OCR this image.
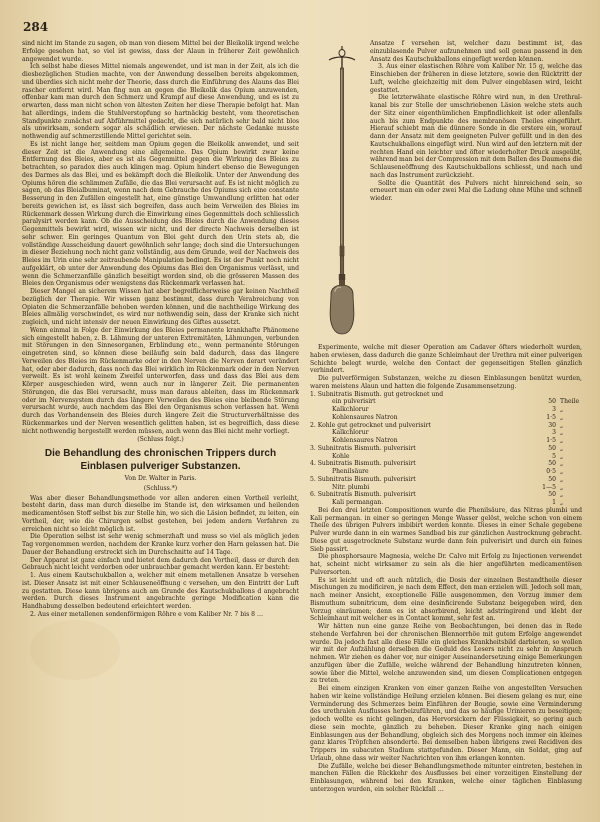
284

sind nicht im Stande zu sagen, ob man von diesem Mittel bei der Bleikolik irgend welche Erfolge gesehen hat, so viel ist gewiss, dass der Alaun in früherer Zeit gewöhnlich angewendet wurde.

Ich selbst habe dieses Mittel niemals angewendet, und ist man in der Zeit, als ich die diesbezüglichen Studien machte, von der Anwendung desselben bereits abgekommen, und überdies sich nicht mehr der Theorie, dass durch die Einführung des Alauns das Blei rascher entfernt wird. Man fing nun an gegen die Bleikolik das Opium anzuwenden, offenbar kam man durch den Schmerz und Krampf auf diese Anwendung, und es ist zu erwarten, dass man nicht schon von ältesten Zeiten her diese Therapie befolgt hat. Man hat allerdings, indem die Stuhlverstopfung so hartnäckig besteht, vom theoretischen Standpunkte zunächst auf Abführmittel gedacht, die sich natürlich sehr bald nicht blos als unwirksam, sondern sogar als schädlich erwiesen. Der nächste Gedanke musste nothwendig auf schmerzstillende Mittel gerichtet sein.

Es ist nicht lange her, seitdem man Opium gegen die Bleikolik anwendet, und seit dieser Zeit ist die Anwendung eine allgemeine. Das Opium bewirkt zwar keine Entfernung des Bleies, aber es ist als Gegenmittel gegen die Wirkung des Bleies zu betrachten, so paradox dies auch klingen mag. Opium hindert ebenso die Bewegungen des Darmes als das Blei, und es bekämpft doch die Bleikolik. Unter der Anwendung des Opiums hören die schlimmen Zufälle, die das Blei verursacht auf. Es ist nicht möglich zu sagen, ob das Bleialbuminat, wenn nach dem Gebrauche des Opiums sich eine constante Besserung in den Zufällen eingestellt hat, eine günstige Umwandlung erlitten hat oder bereits gewichen ist, es lässt sich begreifen, dass auch beim Verweilen des Bleies im Rückenmark dessen Wirkung durch die Einwirkung eines Gegenmittels doch schliesslich paralysirt werden kann. Ob die Ausscheidung des Bleies durch die Anwendung dieses Gegenmittels bewirkt wird, wissen wir nicht, und der directe Nachweis derselben ist sehr schwer. Ein geringes Quantum von Blei geht durch den Urin stets ab, die vollständige Ausscheidung dauert gewöhnlich sehr lange; doch sind die Untersuchungen in dieser Beziehung noch nicht ganz vollständig, aus dem Grunde, weil der Nachweis des Bleies im Urin eine sehr zeitraubende Manipulation bedingt. Es ist der Punkt noch nicht aufgeklärt, ob unter der Anwendung des Opiums das Blei den Organismus verlässt, und wenn die Schmerzanfälle gänzlich beseitigt worden sind, ob die grösseren Massen des Bleies den Organismus oder wenigstens das Rückenmark verlassen hat.

Dieser Mangel an sicherem Wissen hat aber begreiflicherweise gar keinen Nachtheil bezüglich der Therapie. Wir wissen ganz bestimmt, dass durch Verabreichung von Opiaten die Schmerzanfälle behoben werden können, und die nachtheilige Wirkung des Bleies allmälig verschwindet, es wird nur nothwendig sein, dass der Kranke sich nicht zugleich, und nicht intensiv der neuen Einwirkung des Giftes aussetzt.

Wenn einmal in Folge der Einwirkung des Bleies permanente krankhafte Phänomene sich eingestellt haben, z. B. Lähmung der unteren Extremitäten, Lähmungen, verbunden mit Störungen in den Sinnesorganen, Erblindung etc., wenn permanente Störungen eingetreten sind, so können diese beiläufig sein bald dadurch, dass das längere Verweilen des Bleies im Rückenmarke oder in den Nerven die Nerven derart verändert hat, oder aber dadurch, dass noch das Blei wirklich im Rückenmark oder in den Nerven verweilt. Es ist wohl keinem Zweifel unterworfen, dass und dass das Blei aus dem Körper ausgeschieden wird, wenn auch nur in längerer Zeit. Die permanenten Störungen, die das Blei verursacht, muss man daraus ableiten, dass im Rückenmark oder im Nervensystem durch das längere Verweilen des Bleies eine bleibende Störung verursacht wurde, auch nachdem das Blei den Organismus schon verlassen hat. Wenn durch das Vorhandensein des Bleies durch längere Zeit die Structurverhältnisse des Rückenmarkes und der Nerven wesentlich gelitten haben, ist es begreiflich, dass diese nicht nothwendig hergestellt werden müssen, auch wenn das Blei nicht mehr vorliegt.

(Schluss folgt.)
Die Behandlung des chronischen Trippers durch Einblasen pulveriger Substanzen.
Von Dr. Walter in Paris.
(Schluss.*)

Was aber dieser Behandlungsmethode vor allen anderen einen Vortheil verleiht, besteht darin, dass man durch dieselbe im Stande ist, den wirksamen und heilenden medicamentösen Stoff selbst bis zur Stelle hin, wo sich die Läsion befindet, zu leiten, ein Vortheil, der, wie die Chirurgen selbst gestehen, bei jedem andern Verfahren zu erreichen nicht so leicht möglich ist.

Die Operation selbst ist sehr wenig schmerzhaft und muss so viel als möglich jeden Tag vorgenommen werden, nachdem der Kranke kurz vorher den Harn gelassen hat. Die Dauer der Behandlung erstreckt sich im Durchschnitte auf 14 Tage.

Der Apparat ist ganz einfach und bietet dem dadurch den Vortheil, dass er durch den Gebrauch nicht leicht verdorben oder unbrauchbar gemacht werden kann. Er besteht:

1. Aus einem Kautschukballon a, welcher mit einem metallenen Ansatze b versehen ist. Dieser Ansatz ist mit einer Schlauseneöffnung c versehen, um den Eintritt der Luft zu gestatten. Diese kann übrigens auch am Grunde des Kautschukballons d angebracht werden. Durch dieses Instrument angebrachte geringe Modification kann die Handhabung desselben bedeutend erleichtert werden.

2. Aus einer metallenen sondenförmigen Röhre e vom Kaliber Nr. 7 bis 8 …

Ansatze f versehen ist, welcher dazu bestimmt ist, das einzublasende Pulver aufzunehmen und soll genau passend in den Ansatz des Kautschukballons eingefügt werden können.

3. Aus einer elastischen Röhre vom Kaliber Nr. 15 g, welche das Einschieben der früheren in diese letztere, sowie den Rücktritt der Luft, welche gleichzeitig mit dem Pulver eingeblasen wird, leicht gestattet.

Die letzterwähnte elastische Röhre wird nun, in den Urethral-kanal bis zur Stelle der umschriebenen Läsion welche stets auch der Sitz einer eigenthümlichen Empfindlichkeit ist oder allenfalls auch bis zum Endpunkte des membranösen Theiles eingeführt. Hierauf schiebt man die dünnere Sonde in die erstere ein, worauf dann der Ansatz mit dem geeigneten Pulver gefüllt und in den des Kautschukballons eingefügt wird. Nun wird auf den letztern mit der rechten Hand ein leichter und öfter wiederholter Druck ausgeübt, während man bei der Compression mit dem Ballen des Daumens die Schlauseneöffnung des Kautschukballons schliesst, und nach und nach das Instrument zurückzieht.

Sollte die Quantität des Pulvers nicht hinreichend sein, so erneuert man ein oder zwei Mal die Ladung ohne Mühe und schnell wieder.

Experimente, welche mit dieser Operation am Cadaver öfters wiederholt wurden, haben erwiesen, dass dadurch die ganze Schleimhaut der Urethra mit einer pulverigen Schichte belegt wurde, welche den Contact der gegenseitigen Stellen gänzlich verhindert.

Die pulverförmigen Substanzen, welche zu diesen Einblasungen benützt wurden, waren meistens Alaun und hatten die folgende Zusammensetzung.

1. Subnitratis Bismuth. gut getrocknet und
ein pulverisirt	50 Theile
Kalkchlorur	3 „
Kohlensaures Natron	1·5 „
2. Kohle gut getrocknet und pulverisirt	30 „
Kalkchlorur	3 „
Kohlensaures Natron	1·5 „
3. Subnitratis Bismuth. pulverisirt	50 „
Kohle	5 „
4. Subnitratis Bismuth. pulverisirt	50 „
Phenilsäure	0·5 „
5. Subnitratis Bismuth. pulverisirt	50 „
Nitr. plumbi	1—5 „
6. Subnitratis Bismuth. pulverisirt	50 „
Kali permangan.	1 „

Bei den drei letzten Compositionen wurde die Phenilsäure, das Nitras plumbi und Kali permangan. in einer so geringen Menge Wasser gelöst, welche schon von einem Theile des übrigen Pulvers imbibirt werden konnte. Dieses in einer Schale gegebene Pulver wurde dann in ein warmes Sandbad bis zur gänzlichen Austrocknung gebracht. Diese gut ausgetrocknete Substanz wurde dann fein pulverisirt und durch ein feines Sieb passirt.

Die phosphorsaure Magnesia, welche Dr. Calvo mit Erfolg zu Injectionen verwendet hat, scheint nicht wirksamer zu sein als die hier angeführten medicamentösen Pulversorten.

Es ist leicht und oft auch nützlich, die Dosis der einzelnen Bestandtheile dieser Mischungen zu modificiren, je nach dem Effect, den man erzielen will. Jedoch soll man, nach meiner Ansicht, exceptionelle Fälle ausgenommen, den Vorzug immer dem Bismuthum subnitricum, dem eine desinficirende Substanz beigegeben wird, den Vorzug einräumen; denn es ist absorbirend, leicht adstringirend und klebt der Schleimhaut mit welcher es in Contact kommt, sehr fest an.

Wir hätten nun eine ganze Reihe von Beobachtungen, bei denen das in Rede stehende Verfahren bei der chronischen Blennorrhöe mit gutem Erfolge angewendet wurde. Da jedoch fast alle diese Fälle ein gleiches Krankheitsbild darbieten, so wollen wir mit der Aufzählung derselben die Geduld des Lesers nicht zu sehr in Anspruch nehmen. Wir ziehen es daher vor, nur einiger Auseinandersetzung einige Bemerkungen anzufügen über die Zufälle, welche während der Behandlung hinzutreten können, sowie über die Mittel, welche anzuwenden sind, um diesen Complicationen entgegen zu treten.

Bei einem einzigen Kranken von einer ganzen Reihe von angestellten Versuchen haben wir keine vollständige Heilung erzielen können. Bei diesem gelang es nur, eine Verminderung des Schmerzes beim Einführen der Bougie, sowie eine Verminderung des urethralen Ausflusses herbeizuführen, und das so häufige Urinieren zu beseitigen; jedoch wollte es nicht gelingen, das Hervorsickern der Flüssigkeit, so gering auch diese sein mochte, gänzlich zu beheben. Dieser Kranke ging nach einigen Einblasungen aus der Behandlung, obgleich sich des Morgens noch immer ein kleines ganz klares Tröpfchen absonderte. Bei demselben haben übrigens zwei Recidiven des Trippers im subacuten Stadium stattgefunden. Dieser Mann, ein Soldat, ging auf Urlaub, ohne dass wir weiter Nachrichten von ihm erlangen konnten.

Die Zufälle, welche bei dieser Behandlungsmethode mitunter eintreten, bestehen in manchen Fällen die Rückkehr des Ausflusses bei einer vorzeitigen Einstellung der Einblasungen, während bei den Kranken, welche einer täglichen Einblasung unterzogen wurden, ein solcher Rückfall …
